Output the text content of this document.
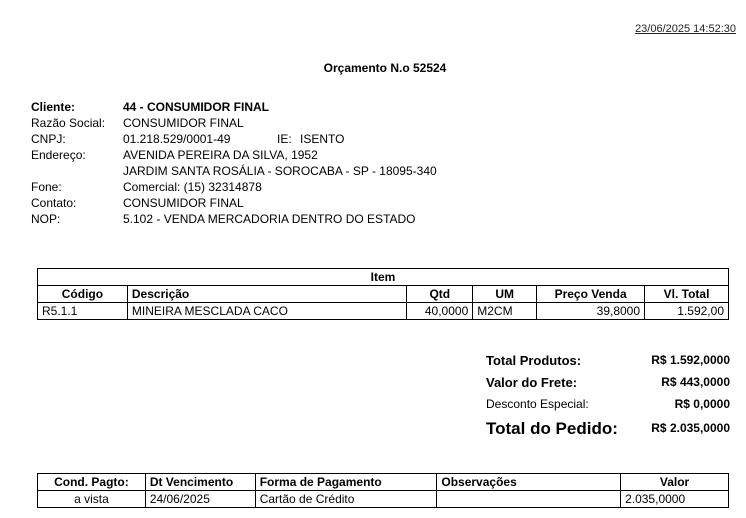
23/06/2025 14:52:30
Orçamento N.o 52524
Cliente:	44 - CONSUMIDOR FINAL
Razão Social: CONSUMIDOR FINAL
CNPJ:	01.218.529/0001-49	IE: ISENTO
Endereço:	AVENIDA PEREIRA DA SILVA, 1952
JARDIM SANTA ROSÁLIA - SOROCABA - SP - 18095-340
Fone:	Comercial: (15) 32314878
Contato:	CONSUMIDOR FINAL
NOP:	5.102 - VENDA MERCADORIA DENTRO DO ESTADO
Item					
Código	Descrição	Qtd	UM	Preço Venda	Vl. Total
R5.1.1	MINEIRA MESCLADA CACO	40,0000	M2CM	39,8000	1.592,00
Total Produtos:	R$ 1.592,0000
Valor do Frete:	R$ 443,0000
Desconto Especial:	R$ 0,0000
Total do Pedido:	R$ 2.035,0000
Cond. Pagto:	Dt Vencimento	Forma de Pagamento	Observações	Valor
a vista	24/06/2025	Cartão de Crédito		2.035,0000
